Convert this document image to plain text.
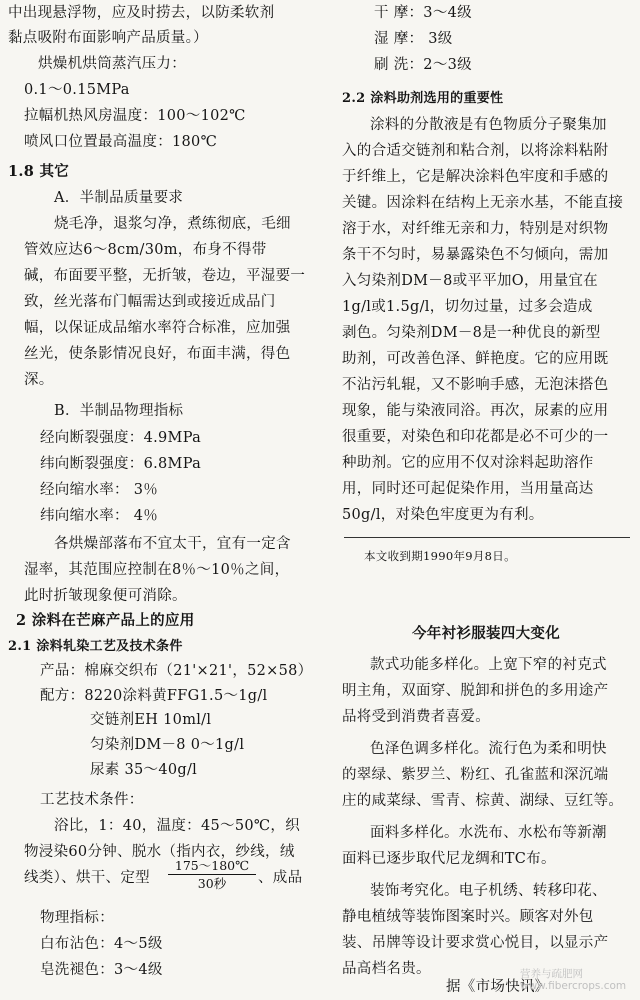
中出现悬浮物，应及时捞去，以防柔软剂
黏点吸附布面影响产品质量。）
烘燥机烘筒蒸汽压力：
0.1～0.15MPa
拉幅机热风房温度：100～102℃
喷风口位置最高温度：180℃
1.8 其它
A．半制品质量要求
烧毛净，退浆匀净，煮练彻底，毛细
管效应达6～8cm/30m，布身不得带
碱，布面要平整，无折皱，卷边，平湿要一
致，丝光落布门幅需达到或接近成品门
幅，以保证成品缩水率符合标准，应加强
丝光，使条影情况良好，布面丰满，得色
深。
B．半制品物理指标
经向断裂强度：4.9MPa
纬向断裂强度：6.8MPa
经向缩水率： 3％
纬向缩水率： 4％
各烘燥部落布不宜太干，宜有一定含
湿率，其范围应控制在8％～10％之间，
此时折皱现象便可消除。
2 涂料在芒麻产品上的应用
2.1 涂料轧染工艺及技术条件
产品：棉麻交织布（21'×21'，52×58）
配方：8220涂料黄FFG1.5～1g/l
交链剂EH 10ml/l
匀染剂DM－8 0～1g/l
尿素 35～40g/l
工艺技术条件：
浴比，1：40，温度：45～50℃，织
物浸染60分钟、脱水（指内衣，纱线，绒
线类）、烘干、定型
175～180℃
30秒	、成品
物理指标：
白布沾色：4～5级
皂洗褪色：3～4级
干 摩：3～4级
湿 摩： 3级
刷 洗：2～3级
2.2 涂料助剂选用的重要性
涂料的分散液是有色物质分子聚集加
入的合适交链剂和粘合剂，以将涂料粘附
于纤维上，它是解决涂料色牢度和手感的
关键。因涂料在结构上无亲水基，不能直接
溶于水，对纤维无亲和力，特别是对织物
条干不匀时，易暴露染色不匀倾向，需加
入匀染剂DM－8或平平加O，用量宜在
1g/l或1.5g/l，切勿过量，过多会造成
剥色。匀染剂DM－8是一种优良的新型
助剂，可改善色泽、鲜艳度。它的应用既
不沾污轧辊，又不影响手感，无泡沫搭色
现象，能与染液同浴。再次，尿素的应用
很重要，对染色和印花都是必不可少的一
种助剂。它的应用不仅对涂料起助溶作
用，同时还可起促染作用，当用量高达
50g/l，对染色牢度更为有利。
本文收到期1990年9月8日。
今年衬衫服装四大变化
款式功能多样化。上宽下窄的衬克式
明主角，双面穿、脱卸和拼色的多用途产
品将受到消费者喜爱。
色泽色调多样化。流行色为柔和明快
的翠绿、紫罗兰、粉红、孔雀蓝和深沉端
庄的咸菜绿、雪青、棕黄、湖绿、豆红等。
面料多样化。水洗布、水松布等新潮
面料已逐步取代尼龙绸和TC布。
装饰考究化。电子机绣、转移印花、
静电植绒等装饰图案时兴。顾客对外包
装、吊牌等设计要求赏心悦目，以显示产
品高档名贵。
据《市场快讯》
营养与疏肥网
www.fibercrops.com
